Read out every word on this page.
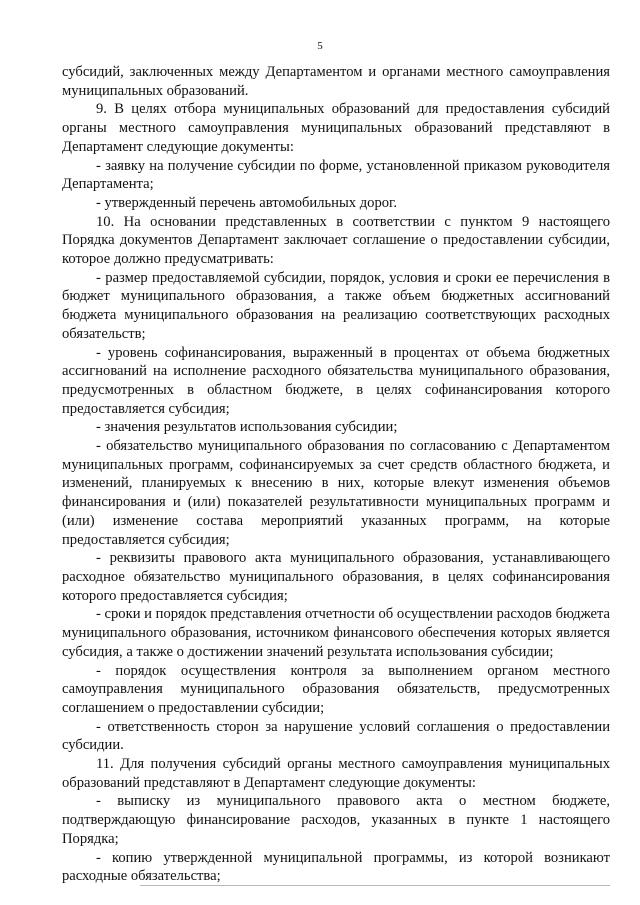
5

субсидий, заключенных между Департаментом и органами местного самоуправления муниципальных образований.

9. В целях отбора муниципальных образований для предоставления субсидий органы местного самоуправления муниципальных образований представляют в Департамент следующие документы:

- заявку на получение субсидии по форме, установленной приказом руководителя Департамента;

- утвержденный перечень автомобильных дорог.

10. На основании представленных в соответствии с пунктом 9 настоящего Порядка документов Департамент заключает соглашение о предоставлении субсидии, которое должно предусматривать:

- размер предоставляемой субсидии, порядок, условия и сроки ее перечисления в бюджет муниципального образования, а также объем бюджетных ассигнований бюджета муниципального образования на реализацию соответствующих расходных обязательств;

- уровень софинансирования, выраженный в процентах от объема бюджетных ассигнований на исполнение расходного обязательства муниципального образования, предусмотренных в областном бюджете, в целях софинансирования которого предоставляется субсидия;

- значения результатов использования субсидии;

- обязательство муниципального образования по согласованию с Департаментом муниципальных программ, софинансируемых за счет средств областного бюджета, и изменений, планируемых к внесению в них, которые влекут изменения объемов финансирования и (или) показателей результативности муниципальных программ и (или) изменение состава мероприятий указанных программ, на которые предоставляется субсидия;

- реквизиты правового акта муниципального образования, устанавливающего расходное обязательство муниципального образования, в целях софинансирования которого предоставляется субсидия;

- сроки и порядок представления отчетности об осуществлении расходов бюджета муниципального образования, источником финансового обеспечения которых является субсидия, а также о достижении значений результата использования субсидии;

- порядок осуществления контроля за выполнением органом местного самоуправления муниципального образования обязательств, предусмотренных соглашением о предоставлении субсидии;

- ответственность сторон за нарушение условий соглашения о предоставлении субсидии.

11. Для получения субсидий органы местного самоуправления муниципальных образований представляют в Департамент следующие документы:

- выписку из муниципального правового акта о местном бюджете, подтверждающую финансирование расходов, указанных в пункте 1 настоящего Порядка;

- копию утвержденной муниципальной программы, из которой возникают расходные обязательства;
